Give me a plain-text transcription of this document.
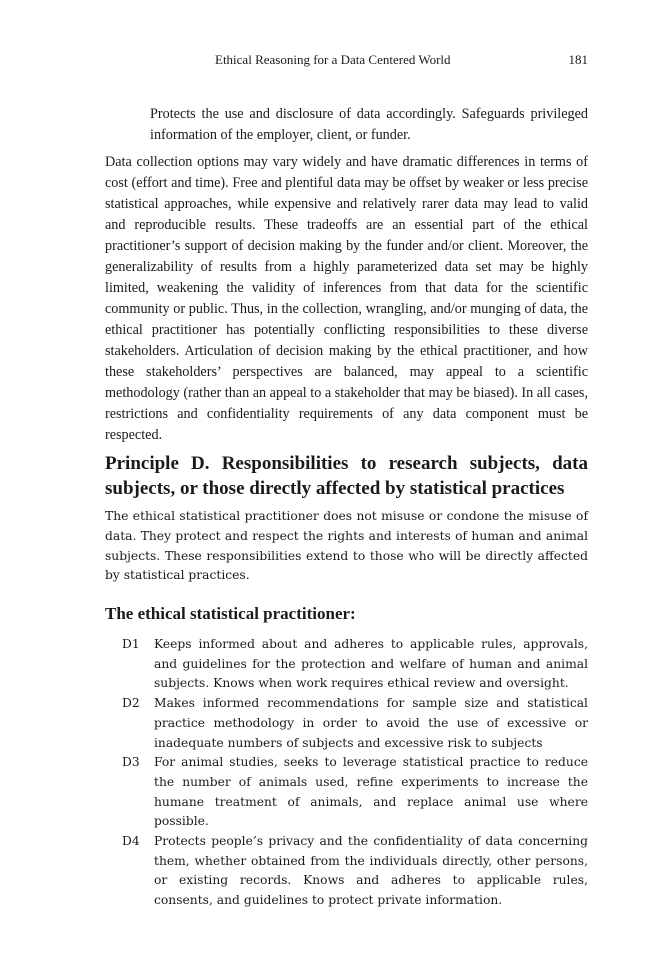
Ethical Reasoning for a Data Centered World	181

Protects the use and disclosure of data accordingly. Safeguards privileged information of the employer, client, or funder.

Data collection options may vary widely and have dramatic differences in terms of cost (effort and time). Free and plentiful data may be offset by weaker or less precise statistical approaches, while expensive and relatively rarer data may lead to valid and reproducible results. These tradeoffs are an essential part of the ethical practitioner’s support of decision making by the funder and/or client. Moreover, the generalizability of results from a highly parameterized data set may be highly limited, weakening the validity of inferences from that data for the scientific community or public. Thus, in the collection, wrangling, and/or munging of data, the ethical practitioner has potentially conflicting responsibilities to these diverse stakeholders. Articulation of decision making by the ethical practitioner, and how these stakeholders’ perspectives are balanced, may appeal to a scientific methodology (rather than an appeal to a stakeholder that may be biased). In all cases, restrictions and confidentiality requirements of any data component must be respected.

Principle D. Responsibilities to research subjects, data subjects, or those directly affected by statistical practices

The ethical statistical practitioner does not misuse or condone the misuse of data. They protect and respect the rights and interests of human and animal subjects. These responsibilities extend to those who will be directly affected by statistical practices.

The ethical statistical practitioner:
D1 Keeps informed about and adheres to applicable rules, approvals, and guidelines for the protection and welfare of human and animal subjects. Knows when work requires ethical review and oversight.
D2 Makes informed recommendations for sample size and statistical practice methodology in order to avoid the use of excessive or inadequate numbers of subjects and excessive risk to subjects
D3 For animal studies, seeks to leverage statistical practice to reduce the number of animals used, refine experiments to increase the humane treatment of animals, and replace animal use where possible.
D4 Protects people’s privacy and the confidentiality of data concerning them, whether obtained from the individuals directly, other persons, or existing records. Knows and adheres to applicable rules, consents, and guidelines to protect private information.
